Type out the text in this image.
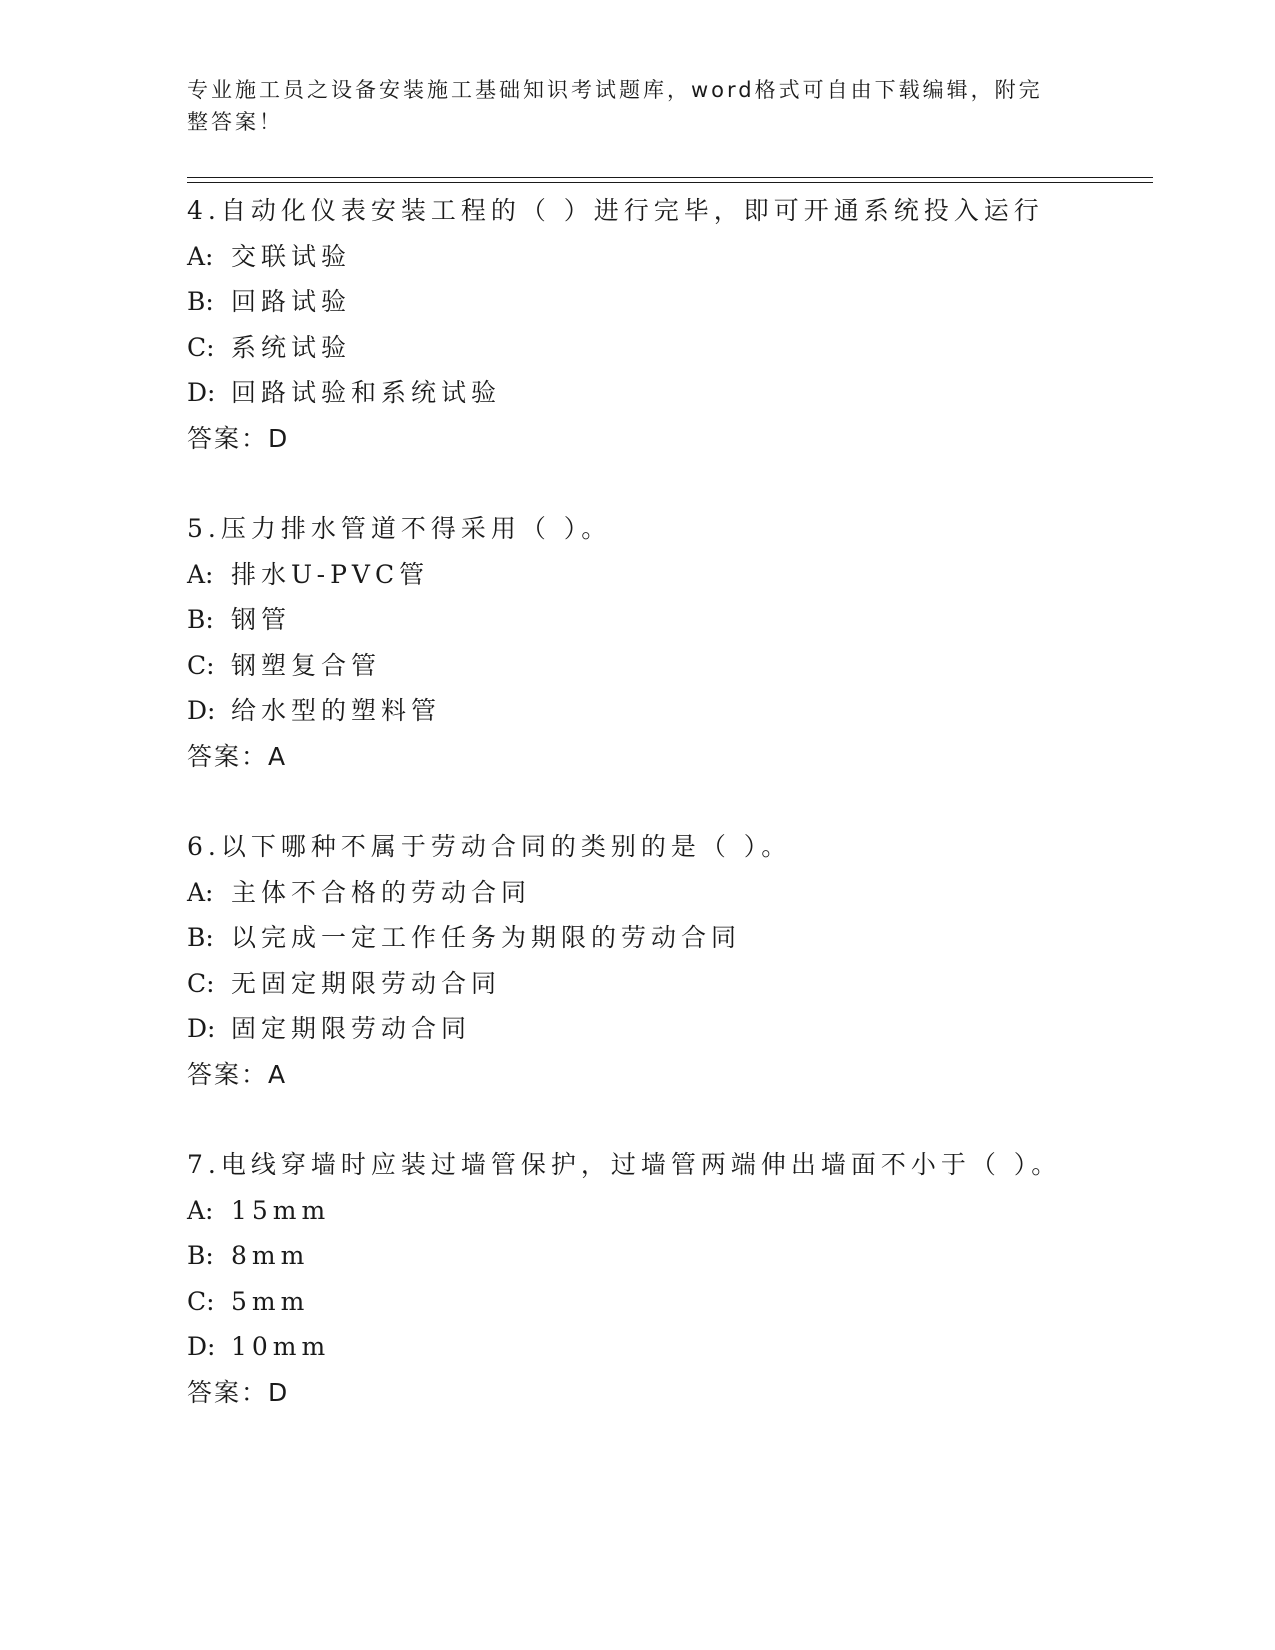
专业施工员之设备安装施工基础知识考试题库，word格式可自由下载编辑，附完
整答案！
4.自动化仪表安装工程的（ ）进行完毕，即可开通系统投入运行
A: 交联试验
B: 回路试验
C: 系统试验
D: 回路试验和系统试验
答案：D
5.压力排水管道不得采用（ ）。
A: 排水U-PVC管
B: 钢管
C: 钢塑复合管
D: 给水型的塑料管
答案：A
6.以下哪种不属于劳动合同的类别的是（ ）。
A: 主体不合格的劳动合同
B: 以完成一定工作任务为期限的劳动合同
C: 无固定期限劳动合同
D: 固定期限劳动合同
答案：A
7.电线穿墙时应装过墙管保护，过墙管两端伸出墙面不小于（ ）。
A: 15mm
B: 8mm
C: 5mm
D: 10mm
答案：D
